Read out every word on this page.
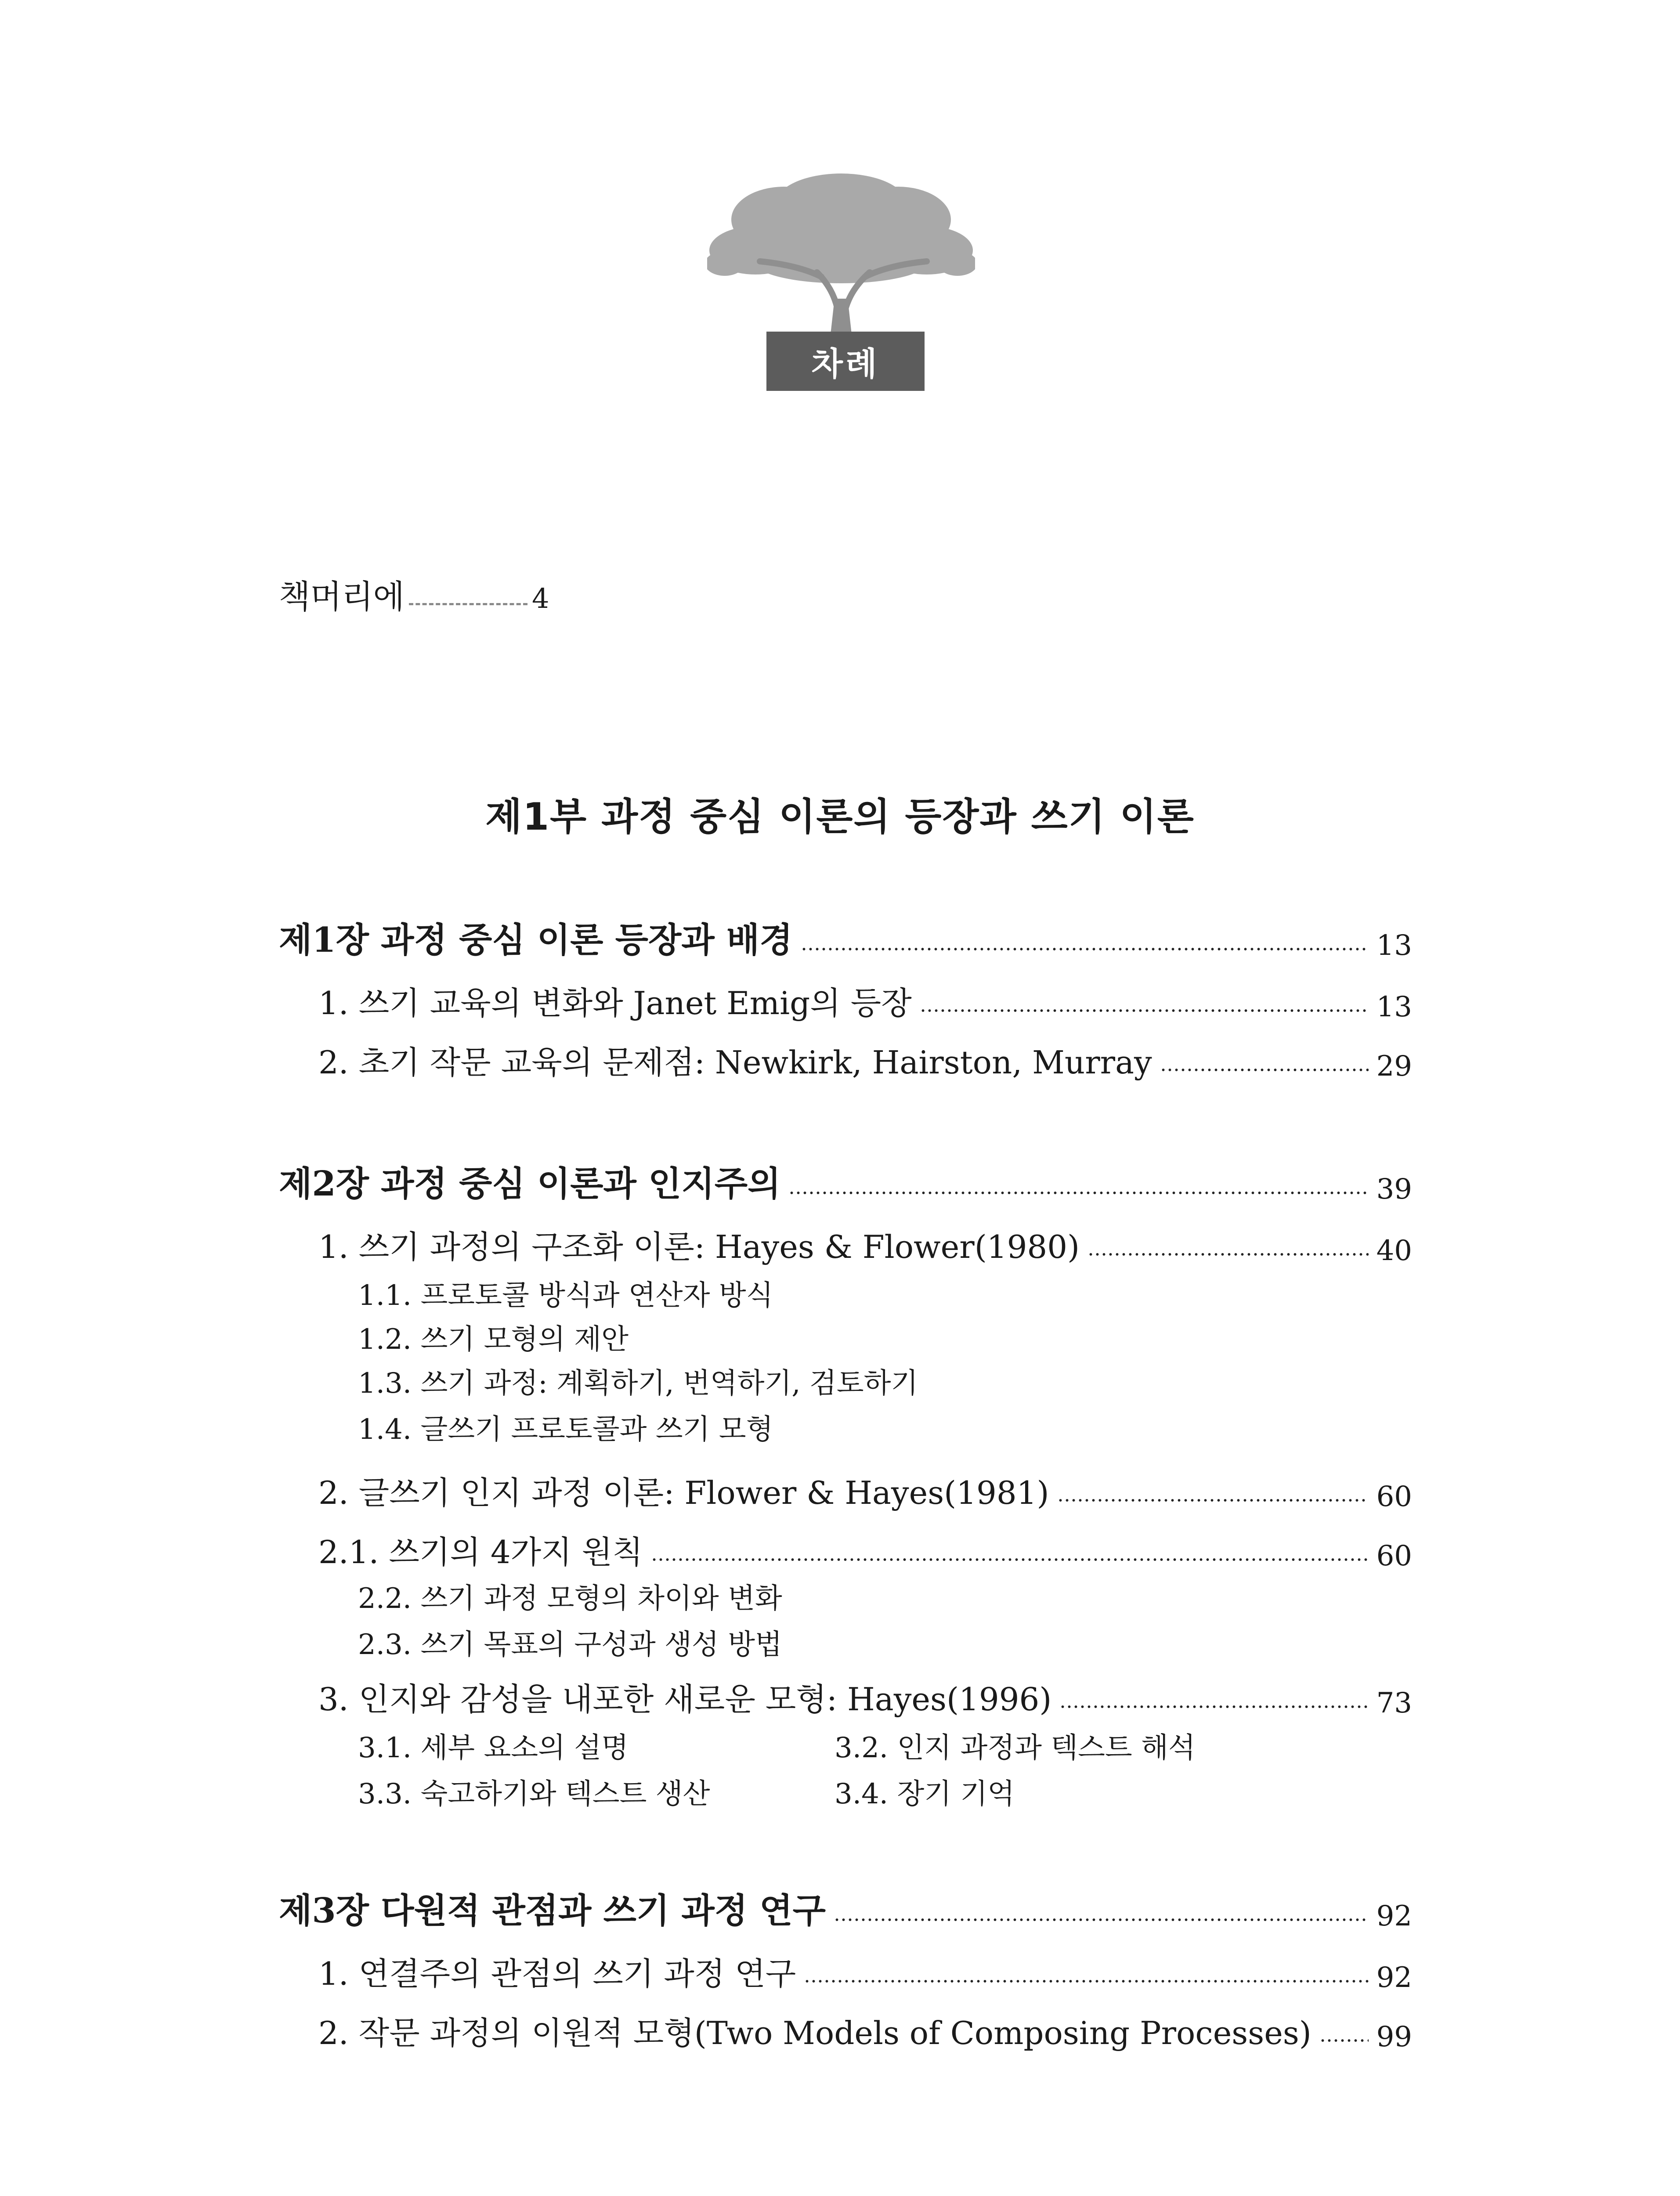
차례
책머리에	4
제1부 과정 중심 이론의 등장과 쓰기 이론
제1장 과정 중심 이론 등장과 배경	13
1. 쓰기 교육의 변화와 Janet Emig의 등장	13
2. 초기 작문 교육의 문제점: Newkirk, Hairston, Murray	29
제2장 과정 중심 이론과 인지주의	39
1. 쓰기 과정의 구조화 이론: Hayes & Flower(1980)	40
1.1. 프로토콜 방식과 연산자 방식
1.2. 쓰기 모형의 제안
1.3. 쓰기 과정: 계획하기, 번역하기, 검토하기
1.4. 글쓰기 프로토콜과 쓰기 모형
2. 글쓰기 인지 과정 이론: Flower & Hayes(1981)	60
2.1. 쓰기의 4가지 원칙	60
2.2. 쓰기 과정 모형의 차이와 변화
2.3. 쓰기 목표의 구성과 생성 방법
3. 인지와 감성을 내포한 새로운 모형: Hayes(1996)	73
3.1. 세부 요소의 설명	3.2. 인지 과정과 텍스트 해석
3.3. 숙고하기와 텍스트 생산	3.4. 장기 기억
제3장 다원적 관점과 쓰기 과정 연구	92
1. 연결주의 관점의 쓰기 과정 연구	92
2. 작문 과정의 이원적 모형(Two Models of Composing Processes) 99
